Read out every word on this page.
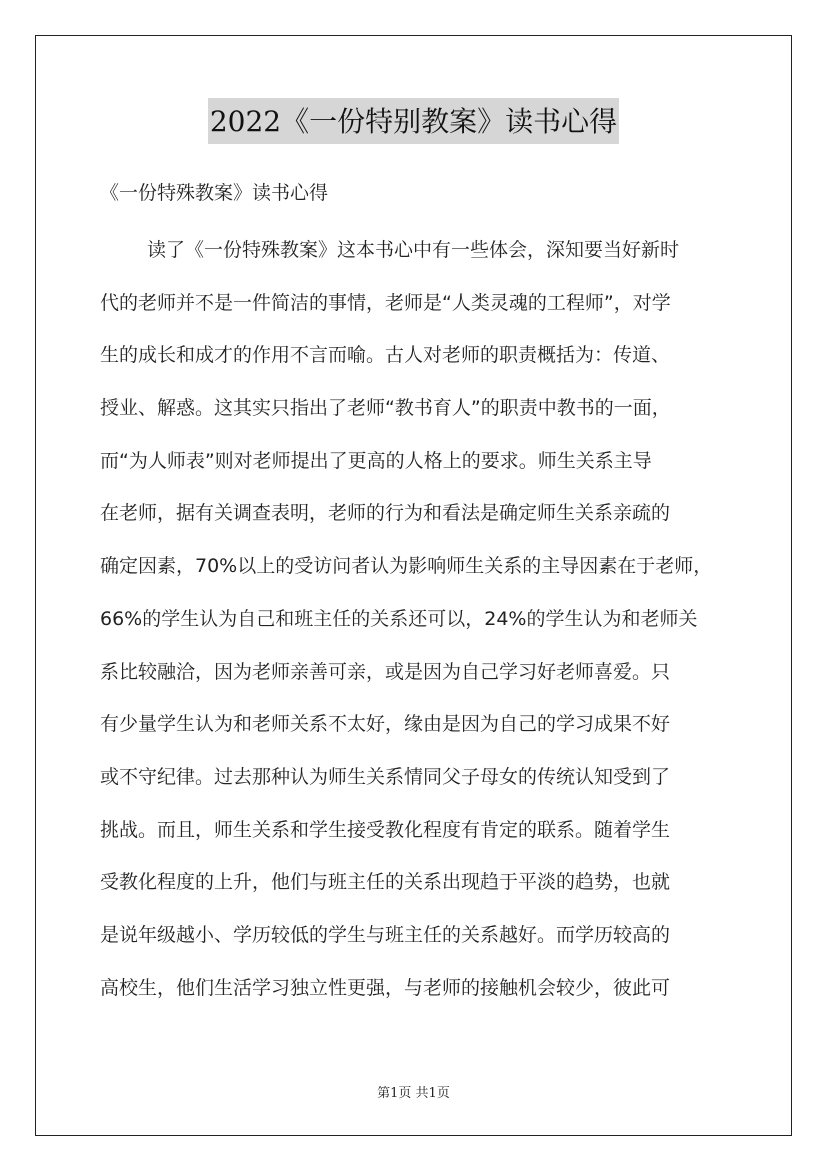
2022《一份特别教案》读书心得
《一份特殊教案》读书心得
读了《一份特殊教案》这本书心中有一些体会，深知要当好新时
代的老师并不是一件简洁的事情，老师是“人类灵魂的工程师”，对学
生的成长和成才的作用不言而喻。古人对老师的职责概括为：传道、
授业、解惑。这其实只指出了老师“教书育人”的职责中教书的一面，
而“为人师表”则对老师提出了更高的人格上的要求。师生关系主导
在老师，据有关调查表明，老师的行为和看法是确定师生关系亲疏的
确定因素，70%以上的受访问者认为影响师生关系的主导因素在于老师，
66%的学生认为自己和班主任的关系还可以，24%的学生认为和老师关
系比较融洽，因为老师亲善可亲，或是因为自己学习好老师喜爱。只
有少量学生认为和老师关系不太好，缘由是因为自己的学习成果不好
或不守纪律。过去那种认为师生关系情同父子母女的传统认知受到了
挑战。而且，师生关系和学生接受教化程度有肯定的联系。随着学生
受教化程度的上升，他们与班主任的关系出现趋于平淡的趋势，也就
是说年级越小、学历较低的学生与班主任的关系越好。而学历较高的
高校生，他们生活学习独立性更强，与老师的接触机会较少，彼此可
第1页 共1页
